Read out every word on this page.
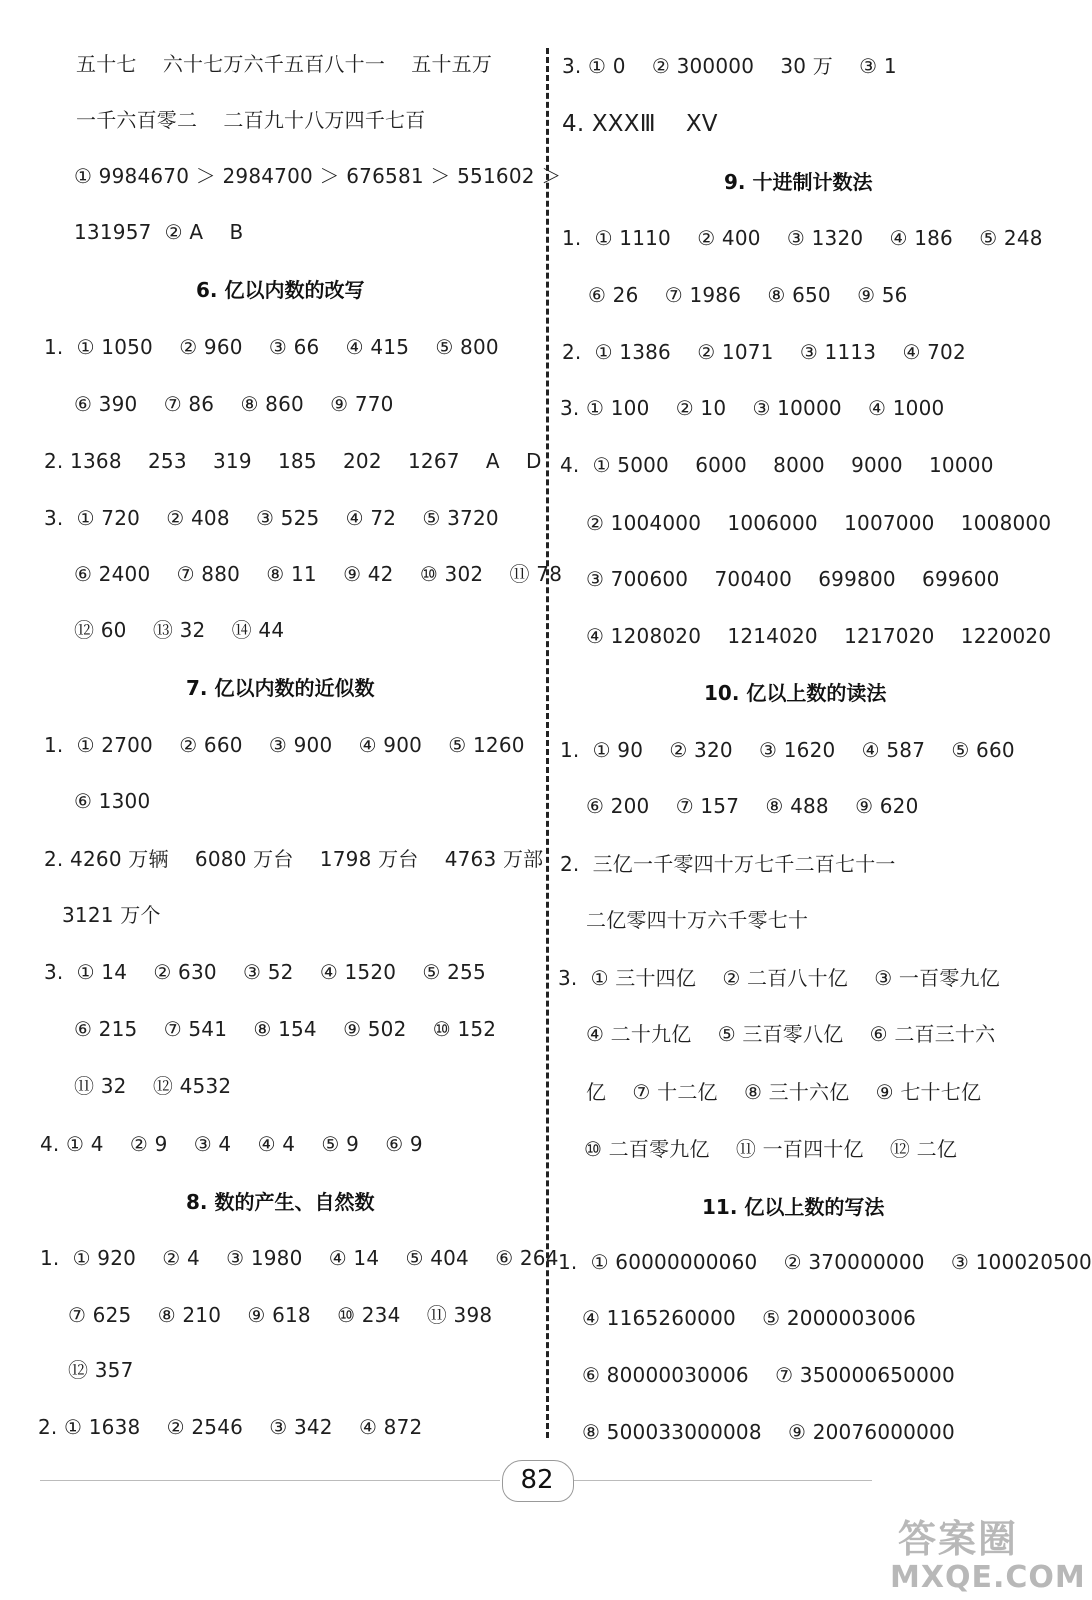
五十七    六十七万六千五百八十一    五十五万
一千六百零二    二百九十八万四千七百
① 9984670 ＞ 2984700 ＞ 676581 ＞ 551602 ＞
131957  ② A    B
6. 亿以内数的改写
1.  ① 1050    ② 960    ③ 66    ④ 415    ⑤ 800
⑥ 390    ⑦ 86    ⑧ 860    ⑨ 770
2. 1368    253    319    185    202    1267    A    D
3.  ① 720    ② 408    ③ 525    ④ 72    ⑤ 3720
⑥ 2400    ⑦ 880    ⑧ 11    ⑨ 42    ⑩ 302    ⑪ 78
⑫ 60    ⑬ 32    ⑭ 44
7. 亿以内数的近似数
1.  ① 2700    ② 660    ③ 900    ④ 900    ⑤ 1260
⑥ 1300
2. 4260 万辆    6080 万台    1798 万台    4763 万部
3121 万个
3.  ① 14    ② 630    ③ 52    ④ 1520    ⑤ 255
⑥ 215    ⑦ 541    ⑧ 154    ⑨ 502    ⑩ 152
⑪ 32    ⑫ 4532
4. ① 4    ② 9    ③ 4    ④ 4    ⑤ 9    ⑥ 9
8. 数的产生、自然数
1.  ① 920    ② 4    ③ 1980    ④ 14    ⑤ 404    ⑥ 264
⑦ 625    ⑧ 210    ⑨ 618    ⑩ 234    ⑪ 398
⑫ 357
2. ① 1638    ② 2546    ③ 342    ④ 872
3. ① 0    ② 300000    30 万    ③ 1
4. XXXⅢ    XV
9. 十进制计数法
1.  ① 1110    ② 400    ③ 1320    ④ 186    ⑤ 248
⑥ 26    ⑦ 1986    ⑧ 650    ⑨ 56
2.  ① 1386    ② 1071    ③ 1113    ④ 702
3. ① 100    ② 10    ③ 10000    ④ 1000
4.  ① 5000    6000    8000    9000    10000
② 1004000    1006000    1007000    1008000
③ 700600    700400    699800    699600
④ 1208020    1214020    1217020    1220020
10. 亿以上数的读法
1.  ① 90    ② 320    ③ 1620    ④ 587    ⑤ 660
⑥ 200    ⑦ 157    ⑧ 488    ⑨ 620
2.  三亿一千零四十万七千二百七十一
二亿零四十万六千零七十
3.  ① 三十四亿    ② 二百八十亿    ③ 一百零九亿
④ 二十九亿    ⑤ 三百零八亿    ⑥ 二百三十六
亿    ⑦ 十二亿    ⑧ 三十六亿    ⑨ 七十七亿
⑩ 二百零九亿    ⑪ 一百四十亿    ⑫ 二亿
11. 亿以上数的写法
1.  ① 60000000060    ② 370000000    ③ 100020500
④ 1165260000    ⑤ 2000003006
⑥ 80000030006    ⑦ 350000650000
⑧ 500033000008    ⑨ 20076000000
82
答案圈
MXQE.COM
